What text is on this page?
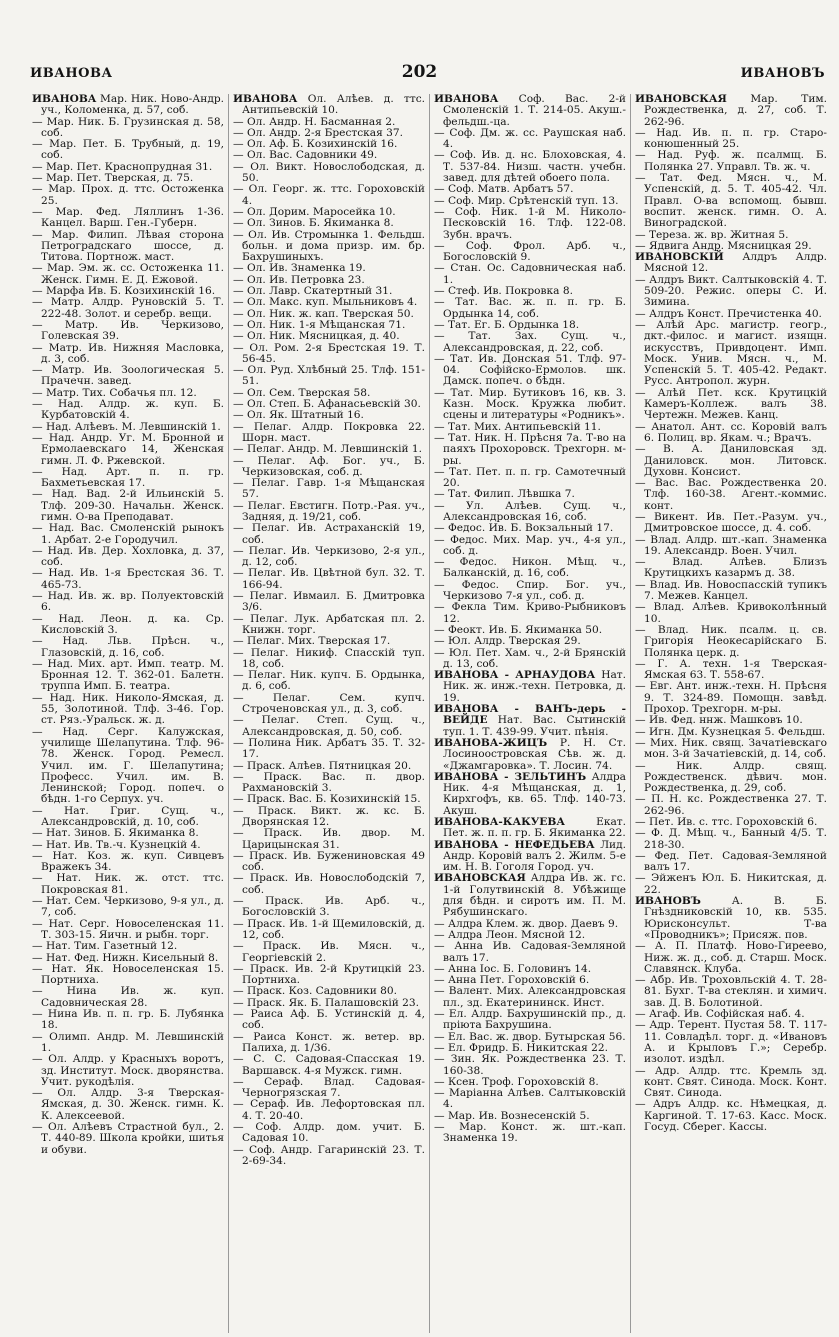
ИВАНОВА	202	ИВАНОВЪ

ИВАНОВА Мар. Ник. Ново-Андр. уч., Коломенка, д. 57, соб.

— Мар. Ник. Б. Грузинская д. 58, соб.

— Мар. Пет. Б. Трубный, д. 19, соб.

— Мар. Пет. Краснопрудная 31.

— Мар. Пет. Тверская, д. 75.

— Мар. Прох. д. ттс. Остоженка 25.

— Мар. Фед. Ляллинъ 1-36. Канцел. Варш. Ген.-Губерн.

— Мар. Филип. Лѣвая сторона Петроградскаго шоссе, д. Титова. Портнож. маст.

— Мар. Эм. ж. сс. Остоженка 11. Женск. Гимн. Е. Д. Ежовой.

— Марфа Ив. Б. Козихинскій 16.

— Матр. Алдр. Руновскій 5. Т. 222-48. Золот. и серебр. вещи.

— Матр. Ив. Черкизово, Голевская 39.

— Матр. Ив. Нижняя Масловка, д. 3, соб.

— Матр. Ив. Зоологическая 5. Прачечн. завед.

— Матр. Тих. Собачья пл. 12.

— Над. Алдр. ж. куп. Б. Курбатовскій 4.

— Над. Алѣевъ. М. Левшинскій 1.

— Над. Андр. Уг. М. Бронной и Ермолаевскаго 14, Женская гимн. Л. Ф. Ржевской.

— Над. Арт. п. п. гр. Бахметьевская 17.

— Над. Вад. 2-й Ильинскій 5. Тлф. 209-30. Начальн. Женск. гимн. О-ва Преподават.

— Над. Вас. Смоленскій рынокъ 1. Арбат. 2-е Городучил.

— Над. Ив. Дер. Хохловка, д. 37, соб.

— Над. Ив. 1-я Брестская 36. Т. 465-73.

— Над. Ив. ж. вр. Полуектовскій 6.

— Над. Леон. д. ка. Ср. Кисловскій 3.

— Над. Льв. Прѣсн. ч., Глазовскій, д. 16, соб.

— Над. Мих. арт. Имп. театр. М. Бронная 12. Т. 362-01. Балетн. труппа Имп. Б. театра.

— Над. Ник. Николо-Ямская, д. 55, Золотиной. Тлф. 3-46. Гор. ст. Ряз.-Уральск. ж. д.

— Над. Серг. Калужская, училище Шелапутина. Тлф. 96-78. Женск. Город. Ремесл. Учил. им. Г. Шелапутина; Професс. Учил. им. В. Ленинской; Город. попеч. о бѣдн. 1-го Серпух. уч.

— Нат. Григ. Сущ. ч., Александровскій, д. 10, соб.

— Нат. Зинов. Б. Якиманка 8.

— Нат. Ив. Тв.-ч. Кузнецкій 4.

— Нат. Коз. ж. куп. Сивцевъ Вражекъ 34.

— Нат. Ник. ж. отст. ттс. Покровская 81.

— Нат. Сем. Черкизово, 9-я ул., д. 7, соб.

— Нат. Серг. Новоселенская 11. Т. 303-15. Яичн. и рыбн. торг.

— Нат. Тим. Газетный 12.

— Нат. Фед. Нижн. Кисельный 8.

— Нат. Як. Новоселенская 15. Портниха.

— Нина Ив. ж. куп. Садовническая 28.

— Нина Ив. п. п. гр. Б. Лубянка 18.

— Олимп. Андр. М. Левшинскій 1.

— Ол. Алдр. у Красныхъ воротъ, зд. Институт. Моск. дворянства. Учит. рукодѣлія.

— Ол. Алдр. 3-я Тверская-Ямская, д. 30. Женск. гимн. К. К. Алексеевой.

— Ол. Алѣевъ Страстной бул., 2. Т. 440-89. Школа кройки, шитья и обуви.

ИВАНОВА Ол. Алѣев. д. ттс. Антипьевскій 10.

— Ол. Андр. Н. Басманная 2.

— Ол. Андр. 2-я Брестская 37.

— Ол. Аф. Б. Козихинскій 16.

— Ол. Вас. Садовники 49.

— Ол. Викт. Новослободская, д. 50.

— Ол. Георг. ж. ттс. Гороховскій 4.

— Ол. Дорим. Маросейка 10.

— Ол. Зинов. Б. Якиманка 8.

— Ол. Ив. Стромынка 1. Фельдш. больн. и дома призр. им. бр. Бахрушиныхъ.

— Ол. Ив. Знаменка 19.

— Ол. Ив. Петровка 23.

— Ол. Лавр. Скатертный 31.

— Ол. Макс. куп. Мыльниковъ 4.

— Ол. Ник. ж. кап. Тверская 50.

— Ол. Ник. 1-я Мѣщанская 71.

— Ол. Ник. Мясницкая, д. 40.

— Ол. Ром. 2-я Брестская 19. Т. 56-45.

— Ол. Руд. Хлѣбный 25. Тлф. 151-51.

— Ол. Сем. Тверская 58.

— Ол. Степ. Б. Афанасьевскій 30.

— Ол. Як. Штатный 16.

— Пелаг. Алдр. Покровка 22. Шорн. маст.

— Пелаг. Андр. М. Левшинскій 1.

— Пелаг. Аф. Бог. уч., Б. Черкизовская, соб. д.

— Пелаг. Гавр. 1-я Мѣщанская 57.

— Пелаг. Евстигн. Потр.-Рая. уч., Задняя, д. 19/21, соб.

— Пелаг. Ив. Астраханскій 19, соб.

— Пелаг. Ив. Черкизово, 2-я ул., д. 12, соб.

— Пелаг. Ив. Цвѣтной бул. 32. Т. 166-94.

— Пелаг. Ивмаил. Б. Дмитровка 3/6.

— Пелаг. Лук. Арбатская пл. 2. Книжн. торг.

— Пелаг. Мих. Тверская 17.

— Пелаг. Никиф. Спасскій туп. 18, соб.

— Пелаг. Ник. купч. Б. Ордынка, д. 6, соб.

— Пелаг. Сем. купч. Строченовская ул., д. 3, соб.

— Пелаг. Степ. Сущ. ч., Александровская, д. 50, соб.

— Полина Ник. Арбатъ 35. Т. 32-17.

— Праск. Алѣев. Пятницкая 20.

— Праск. Вас. п. двор. Рахмановскій 3.

— Праск. Вас. Б. Козихинскій 15.

— Праск. Викт. ж. кс. Б. Дворянская 12.

— Праск. Ив. двор. М. Царицынская 31.

— Праск. Ив. Бужениновская 49 соб.

— Праск. Ив. Новослободскій 7, соб.

— Праск. Ив. Арб. ч., Богословскій 3.

— Праск. Ив. 1-й Щемиловскій, д. 12, соб.

— Праск. Ив. Мясн. ч., Георгіевскій 2.

— Праск. Ив. 2-й Крутицкій 23. Портниха.

— Праск. Коз. Садовники 80.

— Праск. Як. Б. Палашовскій 23.

— Раиса Аф. Б. Устинскій д. 4, соб.

— Раиса Конст. ж. ветер. вр. Палиха, д. 1/36.

— С. С. Садовая-Спасская 19. Варшавск. 4-я Мужск. гимн.

— Сераф. Влад. Садовая-Черногрязская 7.

— Сераф. Ив. Лефортовская пл. 4. Т. 20-40.

— Соф. Алдр. дом. учит. Б. Садовая 10.

— Соф. Андр. Гагаринскій 23. Т. 2-69-34.

ИВАНОВА Соф. Вас. 2-й Смоленскій 1. Т. 214-05. Акуш.-фельдш.-ца.

— Соф. Дм. ж. сс. Раушская наб. 4.

— Соф. Ив. д. нс. Блоховская, 4. Т. 537-84. Низш. частн. учебн. завед. для дѣтей обоего пола.

— Соф. Матв. Арбатъ 57.

— Соф. Мир. Срѣтенскій туп. 13.

— Соф. Ник. 1-й М. Николо-Песковскій 16. Тлф. 122-08. Зубн. врачъ.

— Соф. Фрол. Арб. ч., Богословскій 9.

— Стан. Ос. Садовническая наб. 1.

— Стеф. Ив. Покровка 8.

— Тат. Вас. ж. п. п. гр. Б. Ордынка 14, соб.

— Тат. Ег. Б. Ордынка 18.

— Тат. Зах. Сущ. ч., Александровская, д. 22, соб.

— Тат. Ив. Донская 51. Тлф. 97-04. Софійско-Ермолов. шк. Дамск. попеч. о бѣдн.

— Тат. Мир. Бутиковъ 16, кв. 3. Казн. Моск. Кружка любит. сцены и литературы «Родникъ».

— Тат. Мих. Антипьевскій 11.

— Тат. Ник. Н. Прѣсня 7а. Т-во на паяхъ Прохоровск. Трехгорн. м-ры.

— Тат. Пет. п. п. гр. Самотечный 20.

— Тат. Филип. Лѣвшка 7.

— Ул. Алѣев. Сущ. ч., Александровская 16, соб.

— Федос. Ив. Б. Вокзальный 17.

— Федос. Мих. Мар. уч., 4-я ул., соб. д.

— Федос. Никон. Мѣщ. ч., Балканскій, д. 16, соб.

— Федос. Спир. Бог. уч., Черкизово 7-я ул., соб. д.

— Фекла Тим. Криво-Рыбниковъ 12.

— Феокт. Ив. Б. Якиманка 50.

— Юл. Алдр. Тверская 29.

— Юл. Пет. Хам. ч., 2-й Брянскій д. 13, соб.

ИВАНОВА - АРНАУДОВА Нат. Ник. ж. инж.-техн. Петровка, д. 19.

ИВАНОВА - ВАНЪ-дерь - ВЕЙДЕ Нат. Вас. Сытинскій туп. 1. Т. 439-99. Учит. пѣнія.

ИВАНОВА-ЖИЦЪ Р. Н. Ст. Лосиноостровская Сѣв. ж. д. «Джамгаровка». Т. Лосин. 74.

ИВАНОВА - ЗЕЛЬТИНЪ Алдра Ник. 4-я Мѣщанская, д. 1, Кирхгофъ, кв. 65. Тлф. 140-73. Акуш.

ИВАНОВА-КАКУЕВА	Екат. Пет. ж. п. п. гр. Б. Якиманка 22.

ИВАНОВА - НЕФЕДЬЕВА Лид. Андр. Коровій валъ 2. Жилм. 5-е им. Н. В. Гоголя Город. уч.

ИВАНОВСКАЯ Алдра Ив. ж. гс. 1-й Голутвинскій 8. Убѣжище для бѣдн. и сиротъ им. П. М. Рябушинскаго.

— Алдра Клем. ж. двор. Даевъ 9.

— Алдра Леон. Мясной 12.

— Анна Ив. Садовая-Земляной валъ 17.

— Анна Іос. Б. Головинъ 14.

— Анна Пет. Гороховскій 6.

— Валент. Мих. Александровская пл., зд. Екатерининск. Инст.

— Ел. Алдр. Бахрушинскій пр., д. пріюта Бахрушина.

— Ел. Вас. ж. двор. Бутырская 56.

— Ел. Фридр. Б. Никитская 22.

— Зин. Як. Рождественка 23. Т. 160-38.

— Ксен. Троф. Гороховскій 8.

— Маріанна Алѣев. Салтыковскій 4.

— Мар. Ив. Вознесенскій 5.

— Мар. Конст. ж. шт.-кап. Знаменка 19.

ИВАНОВСКАЯ Мар. Тим. Рождественка, д. 27, соб. Т. 262-96.

— Над. Ив. п. п. гр. Старо-конюшенный 25.

— Над. Руф. ж. псалмщ. Б. Полянка 27. Управл. Тв. ж. ч.

— Тат. Фед. Мясн. ч., М. Успенскій, д. 5. Т. 405-42. Чл. Правл. О-ва вспомощ. бывш. воспит. женск. гимн. О. А. Виноградской.

— Тереза. ж. вр. Житная 5.

— Ядвига Андр. Мясницкая 29.

ИВАНОВСКІЙ Алдръ Алдр. Мясной 12.

— Алдръ Викт. Салтыковскій 4. Т. 509-20. Режис. оперы С. И. Зимина.

— Алдръ Конст. Пречистенка 40.

— Алѣй Арс. магистр. геогр., дкт.-филос. и магист. изящн. искусствъ, Привдоцент. Имп. Моск. Унив. Мясн. ч., М. Успенскій 5. Т. 405-42. Редакт. Русс. Антропол. журн.

— Алѣй Пет. кск. Крутицкій Камеръ-Коллеж. валъ 38. Чертежн. Межев. Канц.

— Анатол. Ант. сс. Коровій валъ 6. Полиц. вр. Якам. ч.; Врачъ.

— В. А. Даниловская зд. Даниловск. мон. Литовск. Духовн. Консист.

— Вас. Вас. Рождественка 20. Тлф. 160-38. Агент.-коммис. конт.

— Викент. Ив. Пет.-Разум. уч., Дмитровское шоссе, д. 4. соб.

— Влад. Алдр. шт.-кап. Знаменка 19. Александр. Воен. Учил.

— Влад. Алѣев. Близъ Крутицкихъ казармъ д. 38.

— Влад. Ив. Новоспасскій тупикъ 7. Межев. Канцел.

— Влад. Алѣев. Кривоколѣнный 10.

— Влад. Ник. псалм. ц. св. Григорія Неокесарійскаго Б. Полянка церк. д.

— Г. А. техн. 1-я Тверская-Ямская 63. Т. 558-67.

— Евг. Ант. инж.-техн. Н. Прѣсня 9. Т. 324-89. Помощн. завѣд. Прохор. Трехгорн. м-ры.

— Ив. Фед. ннж. Машковъ 10.

— Игн. Дм. Кузнецкая 5. Фельдш.

— Мих. Ник. свящ. Зачатіевскаго мон. 3-й Зачатіевскій, д. 14, соб.

— Ник. Алдр. свящ. Рождественск. дѣвич. мон. Рождественка, д. 29, соб.

— П. Н. кс. Рождественка 27. Т. 262-96.

— Пет. Ив. с. ттс. Гороховскій 6.

— Ф. Д. Мѣщ. ч., Банный 4/5. Т. 218-30.

— Фед. Пет. Садовая-Земляной валъ 17.

— Эйженъ Юл. Б. Никитская, д. 22.

ИВАНОВЪ	А. В. Б. Гнѣздниковскій 10, кв. 535. Юрисконсульт. Т-ва «Проводникъ»; Присяж. пов.

— А. П. Платф. Ново-Гиреево, Ниж. ж. д., соб. д. Старш. Моск. Славянск. Клуба.

— Абр. Ив. Троховльскій 4. Т. 28-81. Бухг. Т-ва стеклян. и химич. зав. Д. В. Болотиной.

— Агаф. Ив. Софійская наб. 4.

— Адр. Терент. Пустая 58. Т. 117-11. Совладѣл. торг. д. «Ивановъ А. и Крыловъ Г.»; Серебр. изолот. издѣл.

— Адр. Алдр. ттс. Кремль зд. конт. Свят. Синода. Моск. Конт. Свят. Синода.

— Адръ Алдр. кс. Нѣмецкая, д. Каргиной. Т. 17-63. Касс. Моск. Госуд. Сберег. Кассы.
